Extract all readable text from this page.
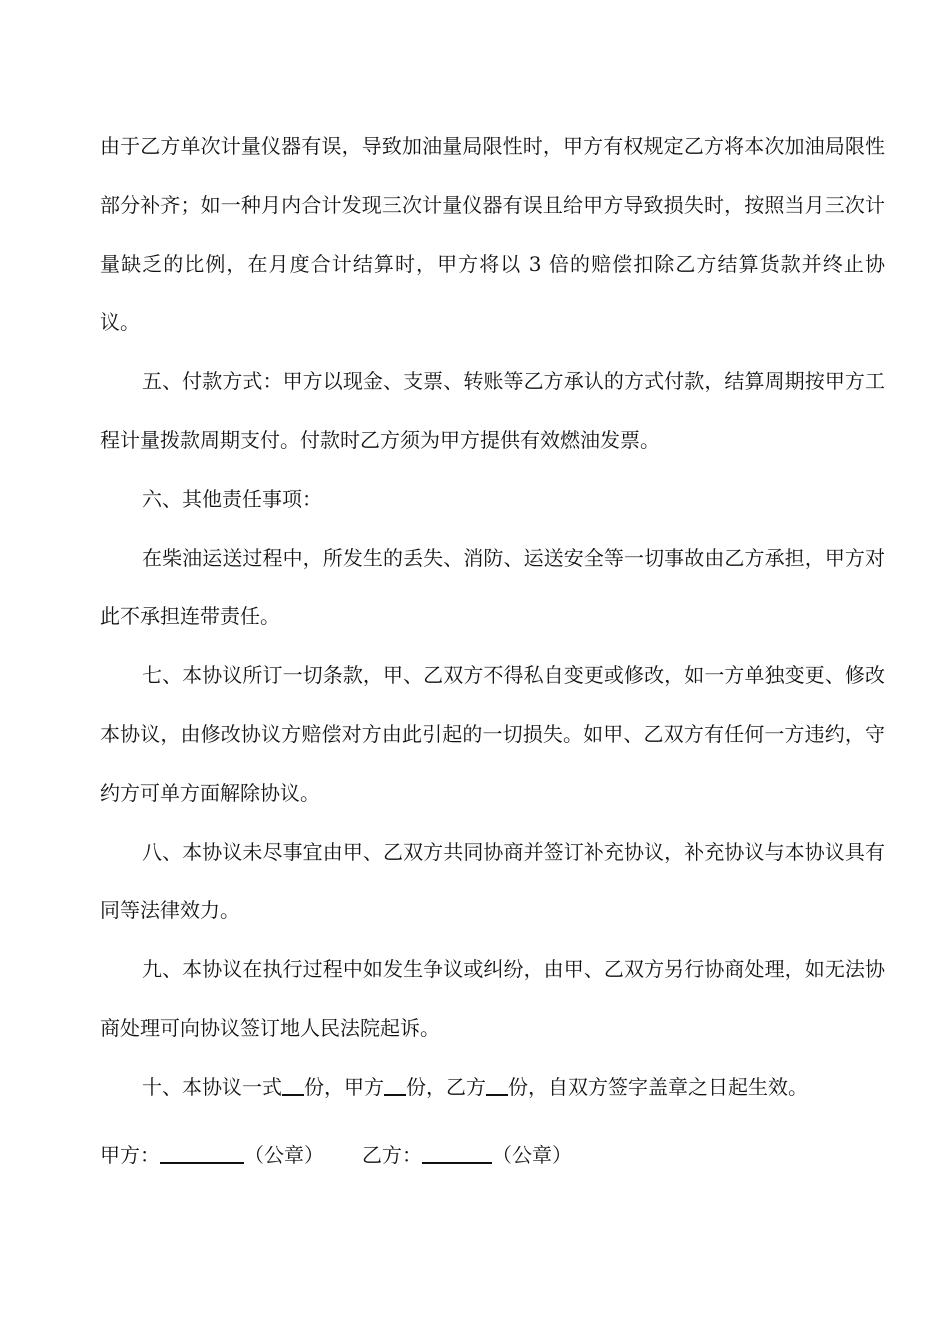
由于乙方单次计量仪器有误，导致加油量局限性时，甲方有权规定乙方将本次加油局限性部分补齐；如一种月内合计发现三次计量仪器有误且给甲方导致损失时，按照当月三次计量缺乏的比例，在月度合计结算时，甲方将以 3 倍的赔偿扣除乙方结算货款并终止协议。

五、付款方式：甲方以现金、支票、转账等乙方承认的方式付款，结算周期按甲方工程计量拨款周期支付。付款时乙方须为甲方提供有效燃油发票。

六、其他责任事项：

在柴油运送过程中，所发生的丢失、消防、运送安全等一切事故由乙方承担，甲方对此不承担连带责任。

七、本协议所订一切条款，甲、乙双方不得私自变更或修改，如一方单独变更、修改本协议，由修改协议方赔偿对方由此引起的一切损失。如甲、乙双方有任何一方违约，守约方可单方面解除协议。

八、本协议未尽事宜由甲、乙双方共同协商并签订补充协议，补充协议与本协议具有同等法律效力。

九、本协议在执行过程中如发生争议或纠纷，由甲、乙双方另行协商处理，如无法协商处理可向协议签订地人民法院起诉。

十、本协议一式 份，甲方 份，乙方 份，自双方签字盖章之日起生效。

甲方：	（公章） 乙方：	（公章）
